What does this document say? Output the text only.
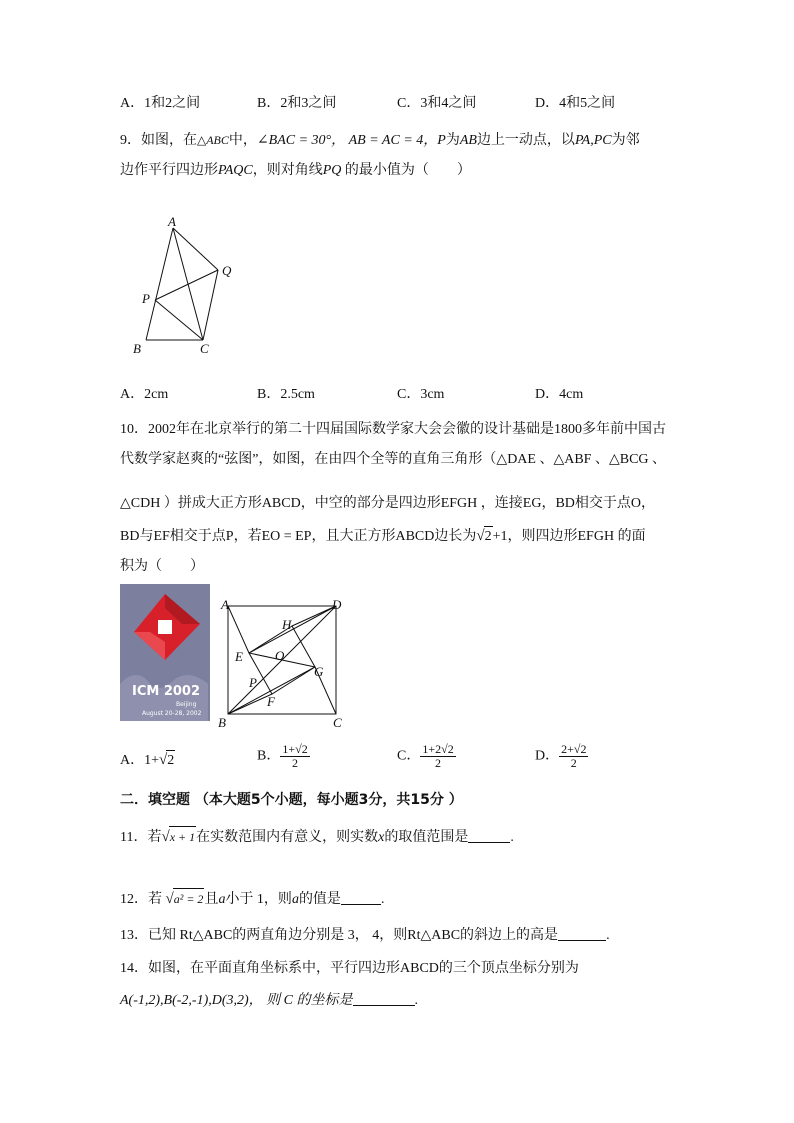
A．1和2之间	B．2和3之间	C．3和4之间	D．4和5之间
9．如图，在△ABC中，∠BAC = 30°， AB = AC = 4，P为AB边上一动点，以PA,PC为邻
边作平行四边形PAQC，则对角线PQ 的最小值为（　　）
A
Q
P
B	C
A．2cm	B．2.5cm	C．3cm	D．4cm
10．2002年在北京举行的第二十四届国际数学家大会会徽的设计基础是1800多年前中国古
代数学家赵爽的“弦图”，如图，在由四个全等的直角三角形（△DAE 、△ABF 、△BCG 、
△CDH ）拼成大正方形ABCD，中空的部分是四边形EFGH ，连接EG，BD相交于点O，
BD与EF相交于点P，若EO = EP，且大正方形ABCD边长为√2+1，则四边形EFGH 的面
积为（　　）
ICM 2002
Beijing
August 20-28, 2002
A	D
H
E O
G
P
F
B	C
A．1+√2	B． $\frac{1+√2}{2}$	C． $\frac{1+2√2}{2}$	D． $\frac{2+√2}{2}$
二．填空题 （本大题5个小题，每小题3分，共15分 ）
11．若√x + 1在实数范围内有意义，则实数x的取值范围是	.
12．若 √a² = 2且a小于 1，则a的值是	.
13．已知 Rt△ABC的两直角边分别是 3， 4，则Rt△ABC的斜边上的高是	.
14．如图，在平面直角坐标系中，平行四边形ABCD的三个顶点坐标分别为
A(-1,2),B(-2,-1),D(3,2)， 则 C 的坐标是	.
